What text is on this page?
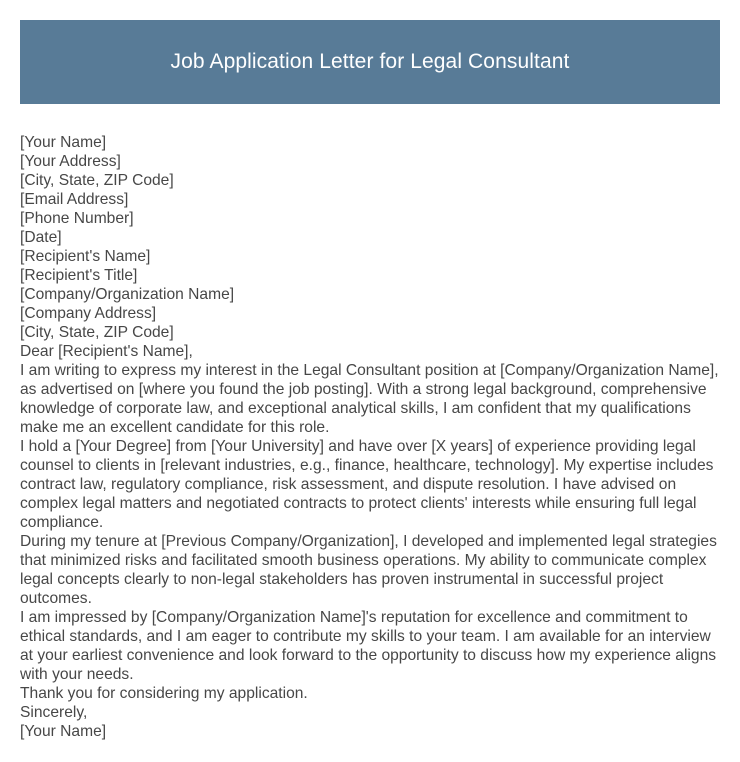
Job Application Letter for Legal Consultant
[Your Name]
[Your Address]
[City, State, ZIP Code]
[Email Address]
[Phone Number]
[Date]
[Recipient's Name]
[Recipient's Title]
[Company/Organization Name]
[Company Address]
[City, State, ZIP Code]
Dear [Recipient's Name],

I am writing to express my interest in the Legal Consultant position at [Company/Organization Name], as advertised on [where you found the job posting]. With a strong legal background, comprehensive knowledge of corporate law, and exceptional analytical skills, I am confident that my qualifications make me an excellent candidate for this role.

I hold a [Your Degree] from [Your University] and have over [X years] of experience providing legal counsel to clients in [relevant industries, e.g., finance, healthcare, technology]. My expertise includes contract law, regulatory compliance, risk assessment, and dispute resolution. I have advised on complex legal matters and negotiated contracts to protect clients' interests while ensuring full legal compliance.

During my tenure at [Previous Company/Organization], I developed and implemented legal strategies that minimized risks and facilitated smooth business operations. My ability to communicate complex legal concepts clearly to non-legal stakeholders has proven instrumental in successful project outcomes.

I am impressed by [Company/Organization Name]'s reputation for excellence and commitment to ethical standards, and I am eager to contribute my skills to your team. I am available for an interview at your earliest convenience and look forward to the opportunity to discuss how my experience aligns with your needs.

Thank you for considering my application.

Sincerely,
[Your Name]
